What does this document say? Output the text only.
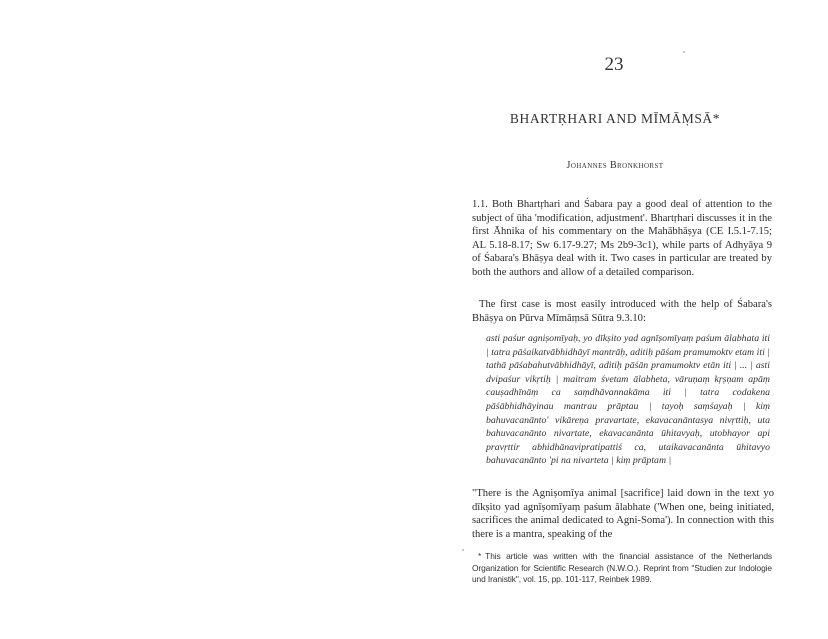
23
BHARTṚHARI AND MĪMĀṂSĀ*
Johannes Bronkhorst
1.1. Both Bhartṛhari and Śabara pay a good deal of attention to the subject of ūha 'modification, adjustment'. Bhartṛhari discusses it in the first Āhnika of his commentary on the Mahābhāṣya (CE I.5.1-7.15; AL 5.18-8.17; Sw 6.17-9.27; Ms 2b9-3c1), while parts of Adhyāya 9 of Śabara's Bhāṣya deal with it. Two cases in particular are treated by both the authors and allow of a detailed comparison.
The first case is most easily introduced with the help of Śabara's Bhāṣya on Pūrva Mīmāṃsā Sūtra 9.3.10:
asti paśur agniṣomīyaḥ, yo dīkṣito yad agnīṣomīyaṃ paśum ālabhata iti | tatra pāśaikatvābhidhāyī mantrāḥ, aditiḥ pāśam pramumoktv etam iti | tathā pāśabahutvābhidhāyī, aditiḥ pāśān pramumoktv etān iti | ... | asti dvipaśur vikṛtiḥ | maitram śvetam ālabheta, vāruṇaṃ kṛṣṇam apāṃ cauṣadhīnāṃ ca saṃdhāvannakāma iti | tatra codakena pāśābhidhāyinau mantrau prāptau | tayoḥ saṃśayaḥ | kiṃ bahuvacanānto' vikāreṇa pravartate, ekavacanāntasya nivṛttiḥ, uta bahuvacanānto nivartate, ekavacanānta ūhitavyaḥ, utobhayor api pravṛttir abhidhānavipratipattiś ca, utaikavacanānta ūhitavyo bahuvacanānto 'pi na nivarteta | kiṃ prāptam |
"There is the Agniṣomīya animal [sacrifice] laid down in the text yo dīkṣito yad agnīṣomīyaṃ paśum ālabhate ('When one, being initiated, sacrifices the animal dedicated to Agni-Soma'). In connection with this there is a mantra, speaking of the
* This article was written with the financial assistance of the Netherlands Organization for Scientific Research (N.W.O.). Reprint from "Studien zur Indologie und Iranistik", vol. 15, pp. 101-117, Reinbek 1989.
